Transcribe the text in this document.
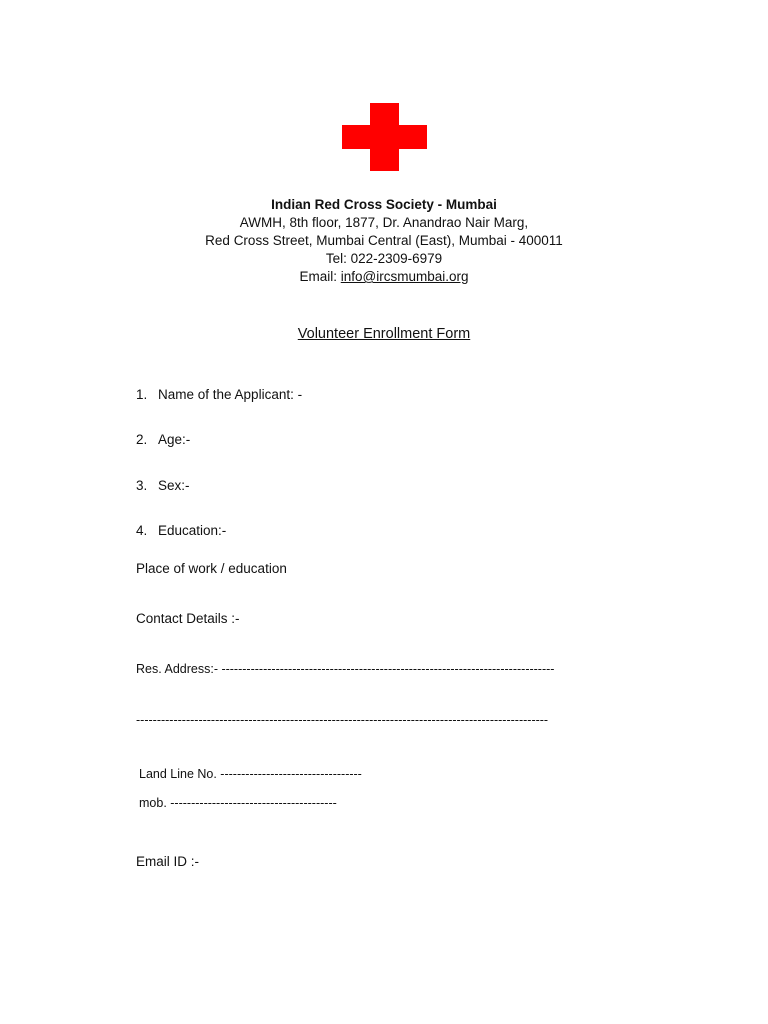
Indian Red Cross Society - Mumbai
AWMH, 8th floor, 1877, Dr. Anandrao Nair Marg,
Red Cross Street, Mumbai Central (East), Mumbai - 400011
Tel: 022-2309-6979
Email: info@ircsmumbai.org
Volunteer Enrollment Form
1. Name of the Applicant: -
2. Age:-
3. Sex:-
4. Education:-
Place of work / education
Contact Details :-
Res. Address:- --------------------------------------------------------------------------------
---------------------------------------------------------------------------------------------------
Land Line No. ----------------------------------
mob. ----------------------------------------
Email ID :-
